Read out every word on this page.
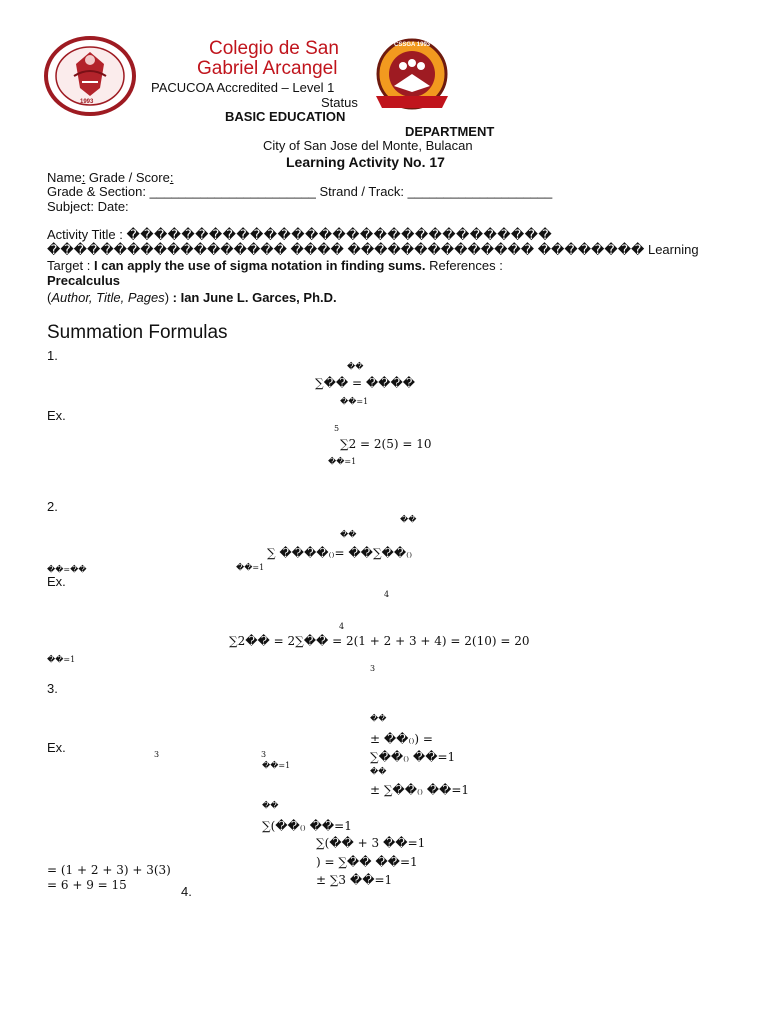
1993
CSSGA 1993
Colegio de San
Gabriel Arcangel
PACUCOA Accredited – Level 1
Status
BASIC EDUCATION
DEPARTMENT
City of San Jose del Monte, Bulacan
Learning Activity No. 17
Name: Grade / Score:
Grade & Section: _______________________ Strand / Track: ____________________
Subject: Date:
Activity Title : �������������������������������
������������������ ���� �������������� �������� Learning
Target : I can apply the use of sigma notation in finding sums. References :
Precalculus
(Author, Title, Pages) : Ian June L. Garces, Ph.D.
Summation Formulas
1.
��
∑�� = ����
��=1
Ex.
5
∑2 = 2(5) = 10
��=1
2.
��
��
∑ ����₍₎= ��∑��₍₎
��=��	��=1
Ex.
4
4
∑2�� = 2∑�� = 2(1 + 2 + 3 + 4) = 2(10) = 20
��=1
3
3.
��
± ��₍₎) =
Ex.	3	3	∑��₍₎ ��=1
��=1
��
± ∑��₍₎ ��=1
��
∑(��₍₎ ��=1
∑(�� + 3 ��=1
) = ∑�� ��=1
= (1 + 2 + 3) + 3(3)
± ∑3 ��=1
= 6 + 9 = 15	4.
